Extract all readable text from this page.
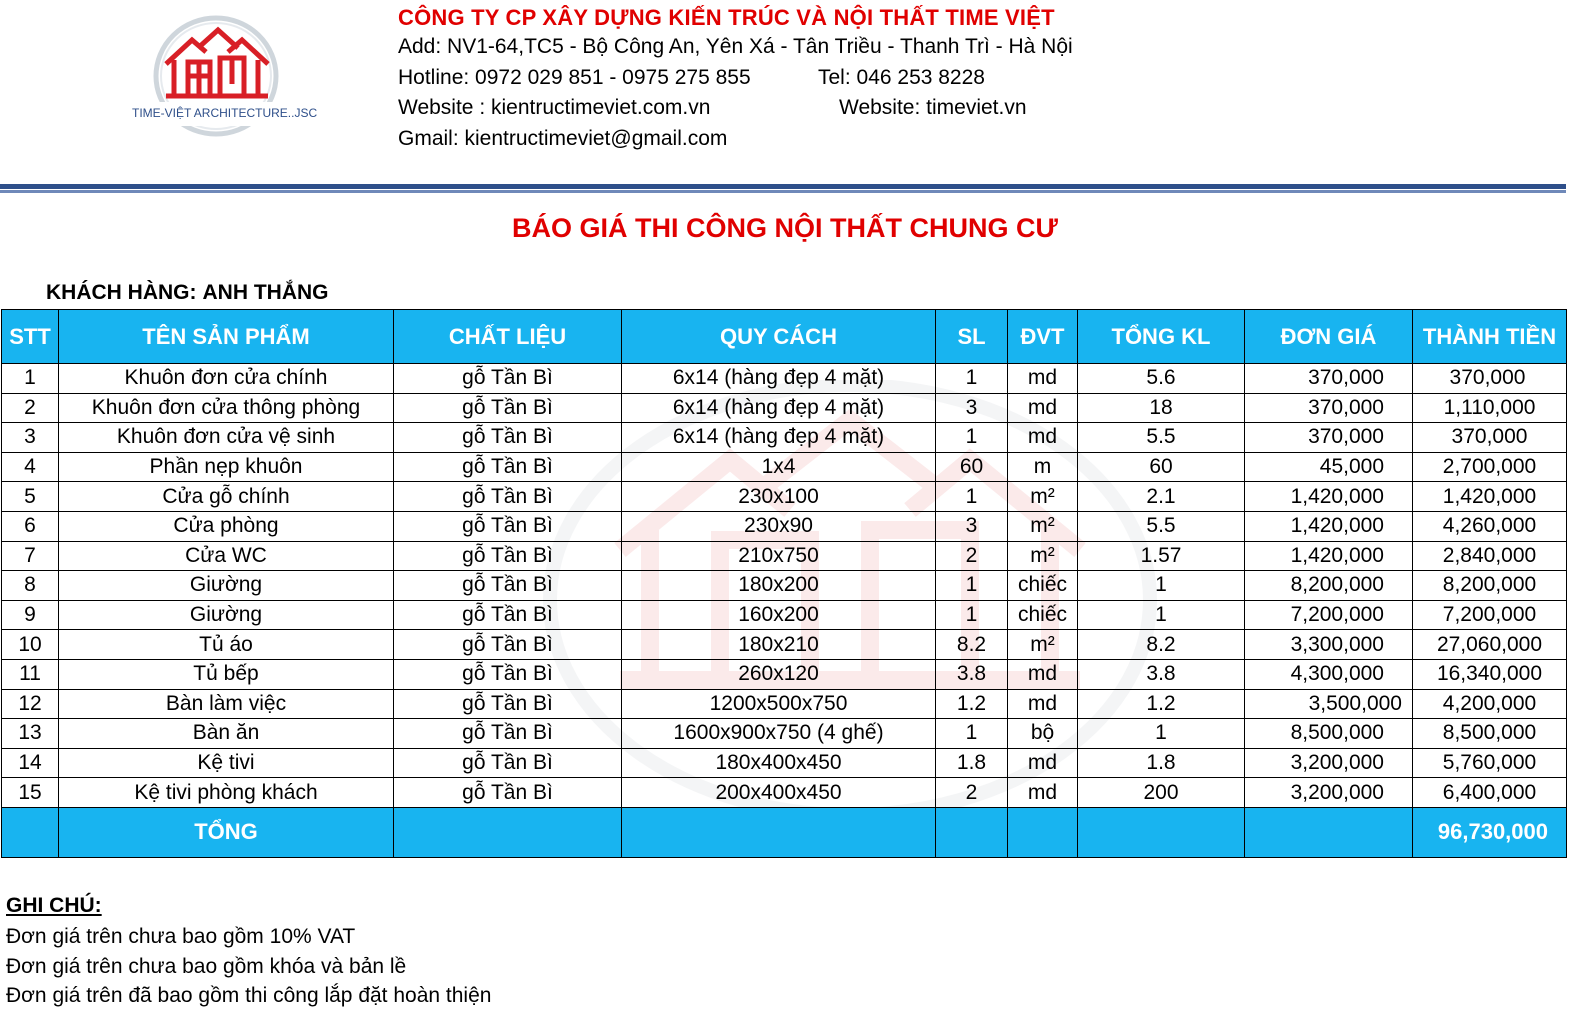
TIME-VIỆT ARCHITECTURE..JSC
CÔNG TY CP XÂY DỰNG KIẾN TRÚC VÀ NỘI THẤT TIME VIỆT
Add: NV1-64,TC5 - Bộ Công An, Yên Xá - Tân Triều - Thanh Trì - Hà Nội
Hotline: 0972 029 851 - 0975 275 855	Tel: 046 253 8228
Website : kientructimeviet.com.vn	Website: timeviet.vn
Gmail: kientructimeviet@gmail.com
BÁO GIÁ THI CÔNG NỘI THẤT CHUNG CƯ
KHÁCH HÀNG: ANH THẮNG
STT	TÊN SẢN PHẨM	CHẤT LIỆU	QUY CÁCH	SL	ĐVT	TỔNG KL	ĐƠN GIÁ	THÀNH TIỀN
1	Khuôn đơn cửa chính	gỗ Tần Bì	6x14 (hàng đẹp 4 mặt)	1	md	5.6	370,000	370,000
2	Khuôn đơn cửa thông phòng	gỗ Tần Bì	6x14 (hàng đẹp 4 mặt)	3	md	18	370,000	1,110,000
3	Khuôn đơn cửa vệ sinh	gỗ Tần Bì	6x14 (hàng đẹp 4 mặt)	1	md	5.5	370,000	370,000
4	Phần nẹp khuôn	gỗ Tần Bì	1x4	60	m	60	45,000	2,700,000
5	Cửa gỗ chính	gỗ Tần Bì	230x100	1	m²	2.1	1,420,000	1,420,000
6	Cửa phòng	gỗ Tần Bì	230x90	3	m²	5.5	1,420,000	4,260,000
7	Cửa WC	gỗ Tần Bì	210x750	2	m²	1.57	1,420,000	2,840,000
8	Giường	gỗ Tần Bì	180x200	1	chiếc	1	8,200,000	8,200,000
9	Giường	gỗ Tần Bì	160x200	1	chiếc	1	7,200,000	7,200,000
10	Tủ áo	gỗ Tần Bì	180x210	8.2	m²	8.2	3,300,000	27,060,000
11	Tủ bếp	gỗ Tần Bì	260x120	3.8	md	3.8	4,300,000	16,340,000
12	Bàn làm việc	gỗ Tần Bì	1200x500x750	1.2	md	1.2	3,500,000	4,200,000
13	Bàn ăn	gỗ Tần Bì	1600x900x750 (4 ghế)	1	bộ	1	8,500,000	8,500,000
14	Kệ tivi	gỗ Tần Bì	180x400x450	1.8	md	1.8	3,200,000	5,760,000
15	Kệ tivi phòng khách	gỗ Tần Bì	200x400x450	2	md	200	3,200,000	6,400,000
	TỔNG							96,730,000
GHI CHÚ:
Đơn giá trên chưa bao gồm 10% VAT
Đơn giá trên chưa bao gồm khóa và bản lề
Đơn giá trên đã bao gồm thi công lắp đặt hoàn thiện
